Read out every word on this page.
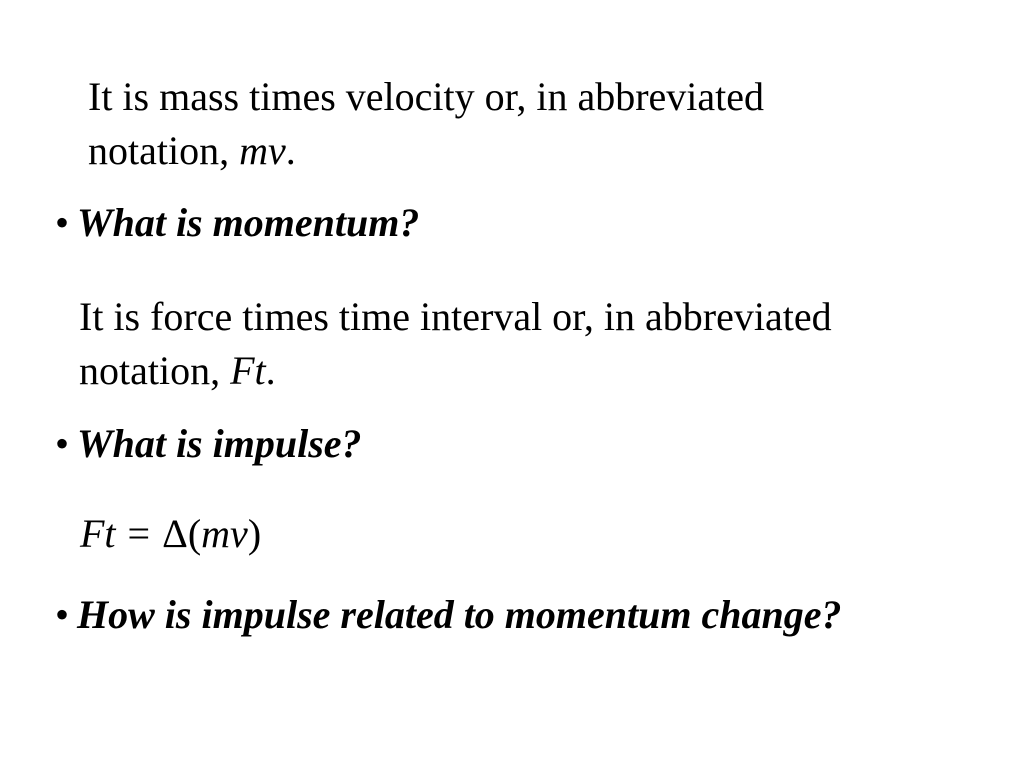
It is mass times velocity or, in abbreviated
notation, mv.

• What is momentum?

It is force times time interval or, in abbreviated
notation, Ft.

• What is impulse?

Ft = Δ(mv)

• How is impulse related to momentum change?
